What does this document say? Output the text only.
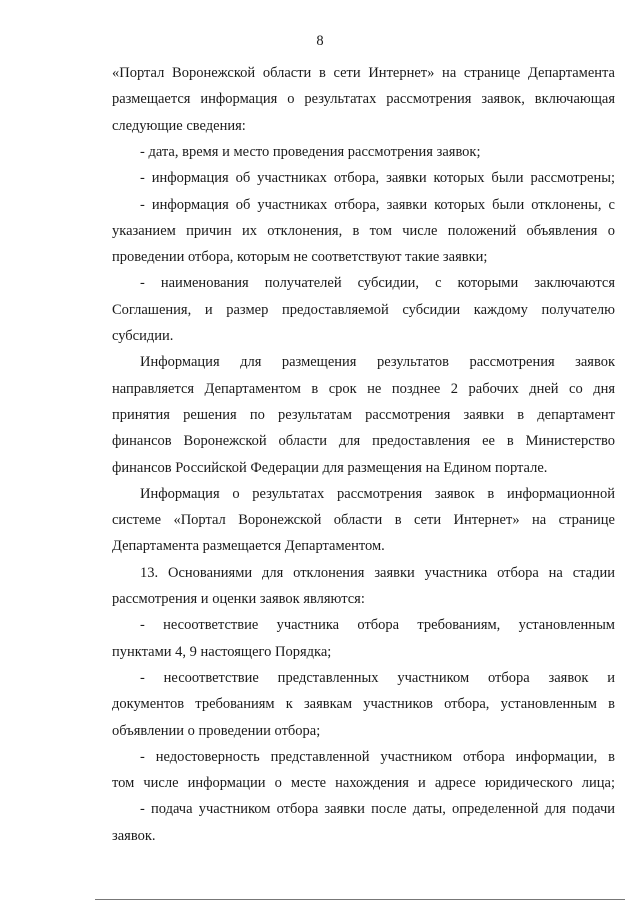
8
«Портал Воронежской области в сети Интернет» на странице Департамента
размещается информация о результатах рассмотрения заявок, включающая
следующие сведения:
- дата, время и место проведения рассмотрения заявок;
- информация об участниках отбора, заявки которых были рассмотрены;
- информация об участниках отбора, заявки которых были отклонены, с
указанием причин их отклонения, в том числе положений объявления о
проведении отбора, которым не соответствуют такие заявки;
- наименования получателей субсидии, с которыми заключаются
Соглашения, и размер предоставляемой субсидии каждому получателю
субсидии.
Информация для размещения результатов рассмотрения заявок
направляется Департаментом в срок не позднее 2 рабочих дней со дня
принятия решения по результатам рассмотрения заявки в департамент
финансов Воронежской области для предоставления ее в Министерство
финансов Российской Федерации для размещения на Едином портале.
Информация о результатах рассмотрения заявок в информационной
системе «Портал Воронежской области в сети Интернет» на странице
Департамента размещается Департаментом.
13. Основаниями для отклонения заявки участника отбора на стадии
рассмотрения и оценки заявок являются:
- несоответствие участника отбора требованиям, установленным
пунктами 4, 9 настоящего Порядка;
- несоответствие представленных участником отбора заявок и
документов требованиям к заявкам участников отбора, установленным в
объявлении о проведении отбора;
- недостоверность представленной участником отбора информации, в
том числе информации о месте нахождения и адресе юридического лица;
- подача участником отбора заявки после даты, определенной для подачи
заявок.
